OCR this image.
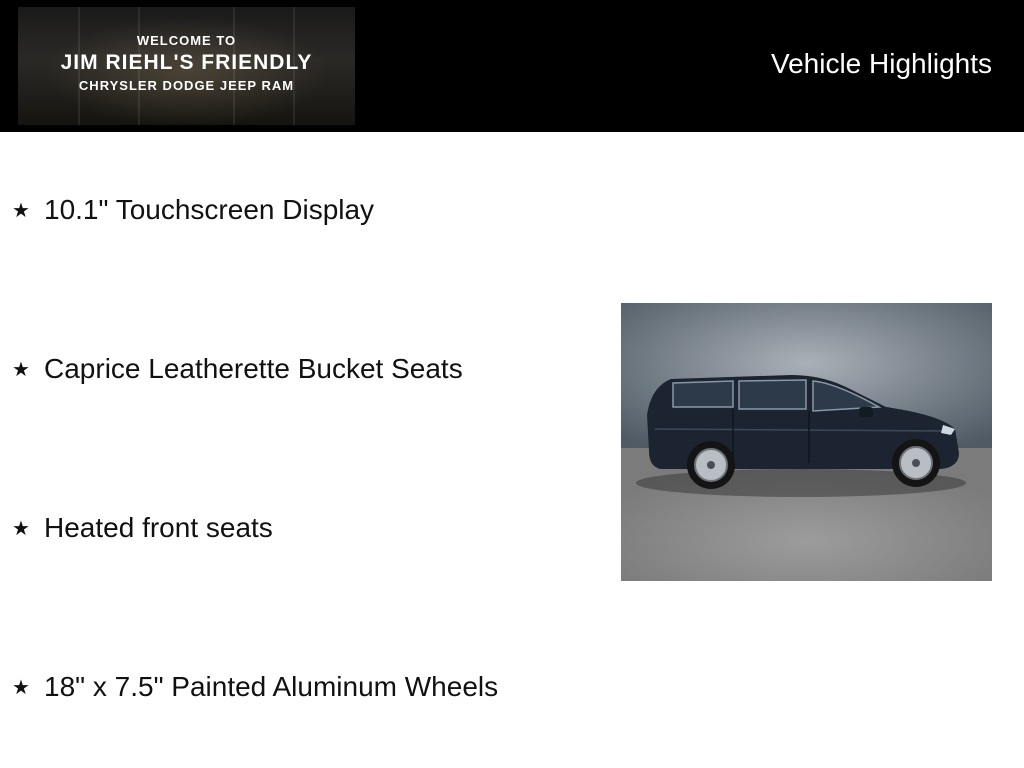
WELCOME TO
JIM RIEHL'S FRIENDLY
CHRYSLER DODGE JEEP RAM
Vehicle Highlights
★ 10.1" Touchscreen Display
★ Caprice Leatherette Bucket Seats
★ Heated front seats
★ 18" x 7.5" Painted Aluminum Wheels
